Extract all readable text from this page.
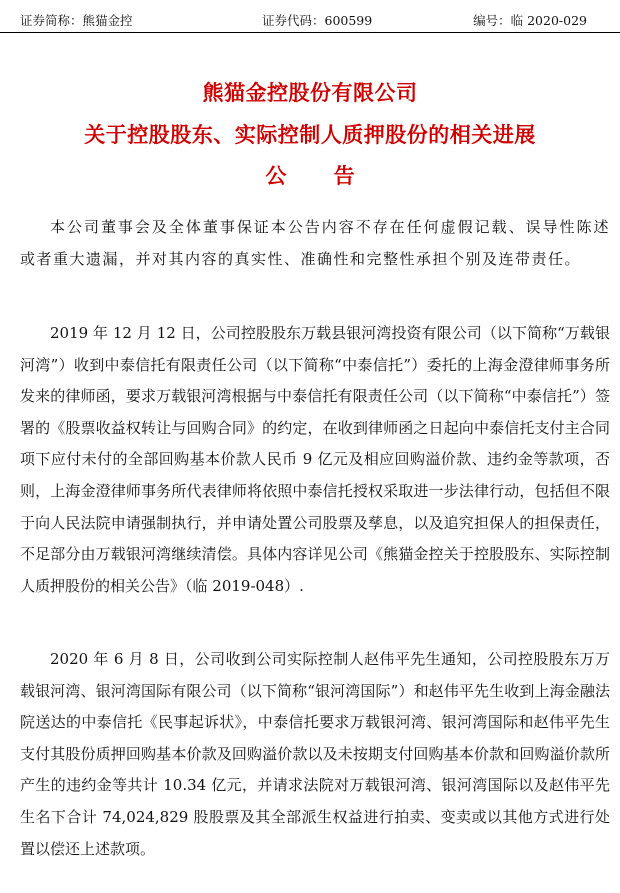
证券简称：熊猫金控	证券代码：600599	编号：临 2020-029
熊猫金控股份有限公司
关于控股股东、实际控制人质押股份的相关进展
公 告

本公司董事会及全体董事保证本公告内容不存在任何虚假记载、误导性陈述或者重大遗漏，并对其内容的真实性、准确性和完整性承担个别及连带责任。

2019 年 12 月 12 日，公司控股股东万载县银河湾投资有限公司（以下简称“万载银河湾”）收到中泰信托有限责任公司（以下简称“中泰信托”）委托的上海金澄律师事务所发来的律师函，要求万载银河湾根据与中泰信托有限责任公司（以下简称“中泰信托”）签署的《股票收益权转让与回购合同》的约定，在收到律师函之日起向中泰信托支付主合同项下应付未付的全部回购基本价款人民币 9 亿元及相应回购溢价款、违约金等款项，否则，上海金澄律师事务所代表律师将依照中泰信托授权采取进一步法律行动，包括但不限于向人民法院申请强制执行，并申请处置公司股票及孳息，以及追究担保人的担保责任，不足部分由万载银河湾继续清偿。具体内容详见公司《熊猫金控关于控股股东、实际控制人质押股份的相关公告》（临 2019-048）.

2020 年 6 月 8 日，公司收到公司实际控制人赵伟平先生通知，公司控股股东万万载银河湾、银河湾国际有限公司（以下简称“银河湾国际”）和赵伟平先生收到上海金融法院送达的中泰信托《民事起诉状》，中泰信托要求万载银河湾、银河湾国际和赵伟平先生支付其股份质押回购基本价款及回购溢价款以及未按期支付回购基本价款和回购溢价款所产生的违约金等共计 10.34 亿元，并请求法院对万载银河湾、银河湾国际以及赵伟平先生名下合计 74,024,829 股股票及其全部派生权益进行拍卖、变卖或以其他方式进行处置以偿还上述款项。
